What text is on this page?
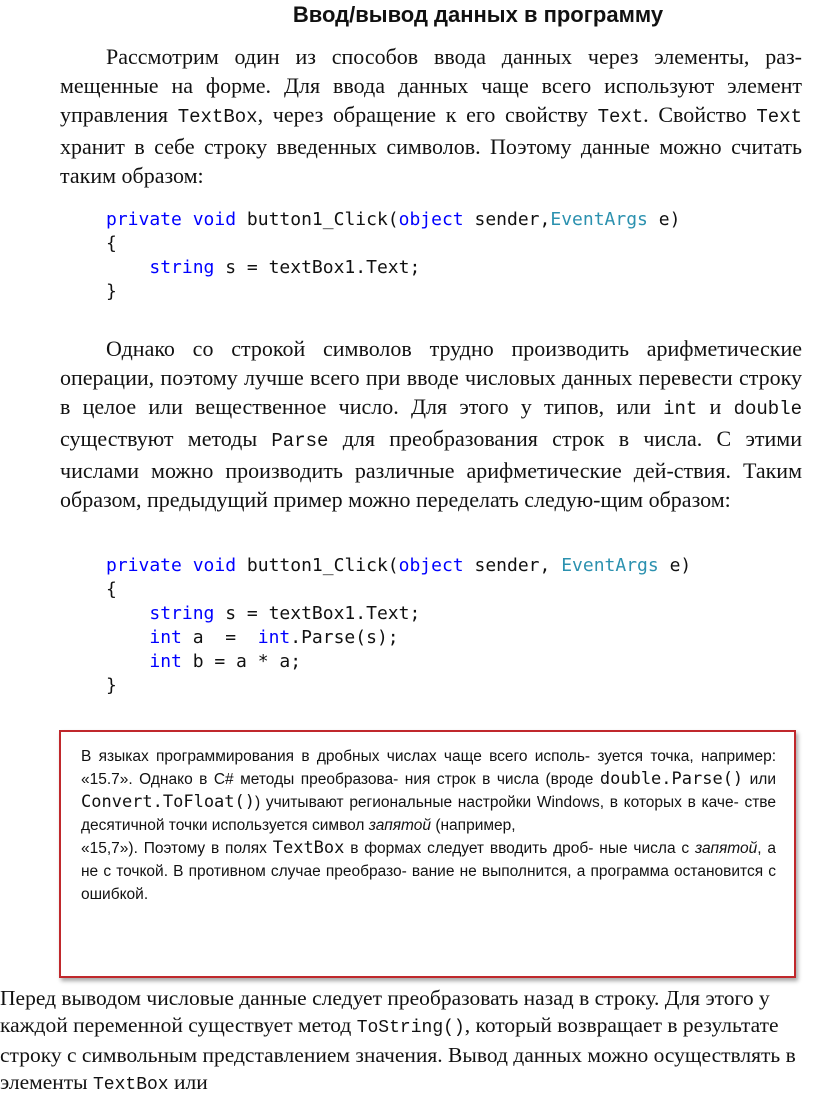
Ввод/вывод данных в программу

Рассмотрим один из способов ввода данных через элементы, раз-мещенные на форме. Для ввода данных чаще всего используют элемент управления TextBox, через обращение к его свойству Text. Свойство Text хранит в себе строку введенных символов. Поэтому данные можно считать таким образом:

private void button1_Click(object sender,EventArgs e)
{
string s = textBox1.Text;
}

Однако со строкой символов трудно производить арифметические операции, поэтому лучше всего при вводе числовых данных перевести строку в целое или вещественное число. Для этого у типов, или int и double существуют методы Parse для преобразования строк в числа. С этими числами можно производить различные арифметические дей-ствия. Таким образом, предыдущий пример можно переделать следую-щим образом:

private void button1_Click(object sender, EventArgs e)
{
string s = textBox1.Text;
int a  =  int.Parse(s);
int b = a * a;
}

В языках программирования в дробных числах чаще всего исполь- зуется точка, например: «15.7». Однако в C# методы преобразова- ния строк в числа (вроде double.Parse() или Convert.ToFloat()) учитывают региональные настройки Windows, в которых в каче- стве десятичной точки используется символ запятой (например,

«15,7»). Поэтому в полях TextBox в формах следует вводить дроб- ные числа с запятой, а не с точкой. В противном случае преобразо- вание не выполнится, а программа остановится с ошибкой.

Перед выводом числовые данные следует преобразовать назад в строку. Для этого у каждой переменной существует метод ToString(), который возвращает в результате строку с символьным представлением значения. Вывод данных можно осуществлять в элементы TextBox или
